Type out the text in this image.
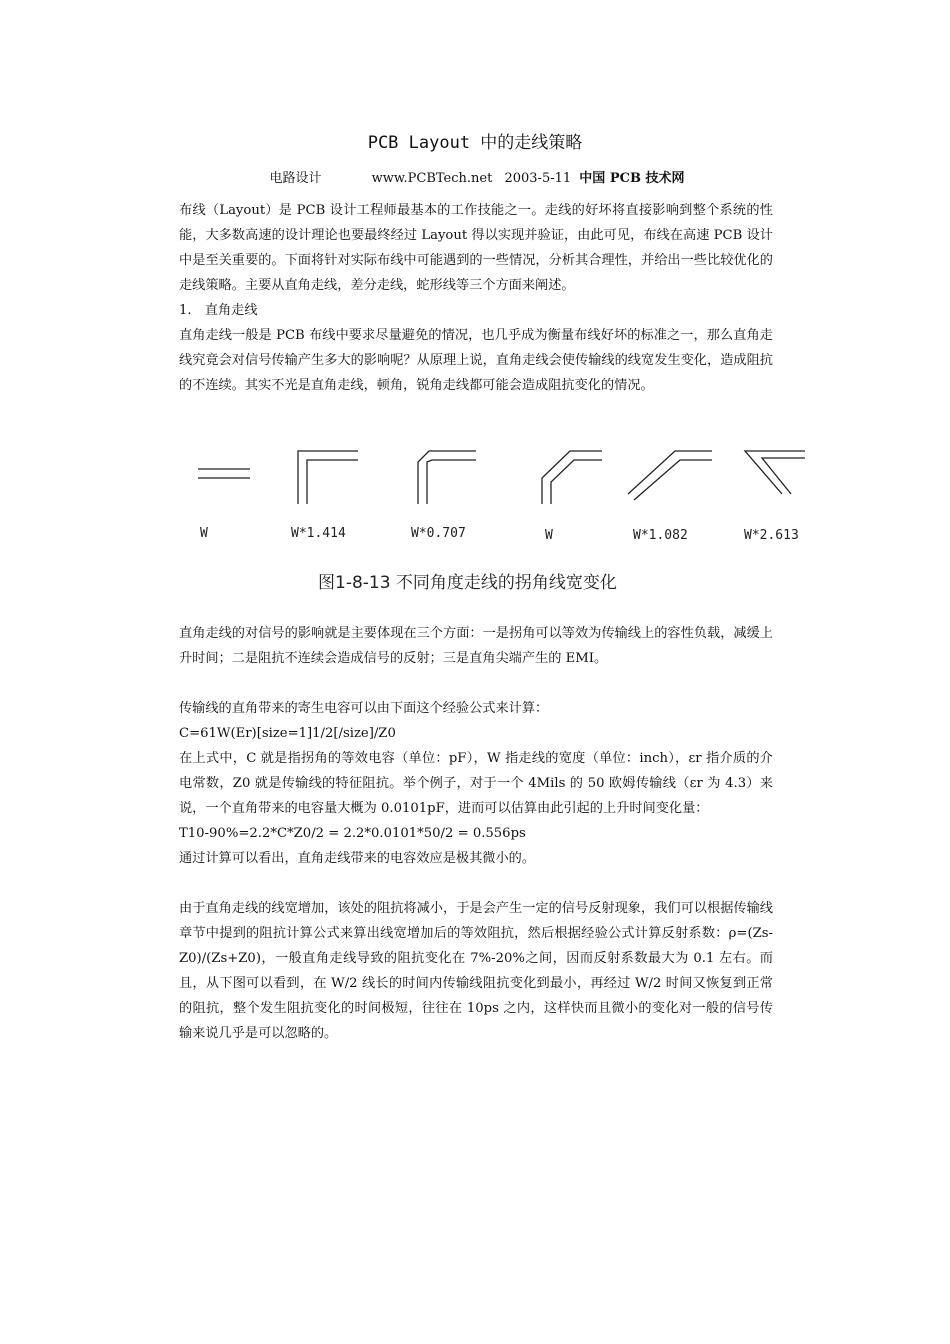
PCB Layout 中的走线策略
电路设计	www.PCBTech.net 2003-5-11 中国 PCB 技术网

布线（Layout）是 PCB 设计工程师最基本的工作技能之一。走线的好坏将直接影响到整个系统的性能，大多数高速的设计理论也要最终经过 Layout 得以实现并验证，由此可见，布线在高速 PCB 设计中是至关重要的。下面将针对实际布线中可能遇到的一些情况，分析其合理性，并给出一些比较优化的走线策略。主要从直角走线，差分走线，蛇形线等三个方面来阐述。

1.　直角走线

直角走线一般是 PCB 布线中要求尽量避免的情况，也几乎成为衡量布线好坏的标准之一，那么直角走线究竟会对信号传输产生多大的影响呢？从原理上说，直角走线会使传输线的线宽发生变化，造成阻抗的不连续。其实不光是直角走线，顿角，锐角走线都可能会造成阻抗变化的情况。

W	W*1.414	W*0.707	W	W*1.082	W*2.613
图1-8-13 不同角度走线的拐角线宽变化

直角走线的对信号的影响就是主要体现在三个方面：一是拐角可以等效为传输线上的容性负载，减缓上升时间；二是阻抗不连续会造成信号的反射；三是直角尖端产生的 EMI。

传输线的直角带来的寄生电容可以由下面这个经验公式来计算：

C=61W(Er)[size=1]1/2[/size]/Z0

在上式中，C 就是指拐角的等效电容（单位：pF），W 指走线的宽度（单位：inch），εr 指介质的介电常数，Z0 就是传输线的特征阻抗。举个例子，对于一个 4Mils 的 50 欧姆传输线（εr 为 4.3）来说，一个直角带来的电容量大概为 0.0101pF，进而可以估算由此引起的上升时间变化量：

T10-90%=2.2*C*Z0/2 = 2.2*0.0101*50/2 = 0.556ps

通过计算可以看出，直角走线带来的电容效应是极其微小的。

由于直角走线的线宽增加，该处的阻抗将减小，于是会产生一定的信号反射现象，我们可以根据传输线章节中提到的阻抗计算公式来算出线宽增加后的等效阻抗，然后根据经验公式计算反射系数：ρ=(Zs-Z0)/(Zs+Z0)，一般直角走线导致的阻抗变化在 7%-20%之间，因而反射系数最大为 0.1 左右。而且，从下图可以看到，在 W/2 线长的时间内传输线阻抗变化到最小，再经过 W/2 时间又恢复到正常的阻抗，整个发生阻抗变化的时间极短，往往在 10ps 之内，这样快而且微小的变化对一般的信号传输来说几乎是可以忽略的。
